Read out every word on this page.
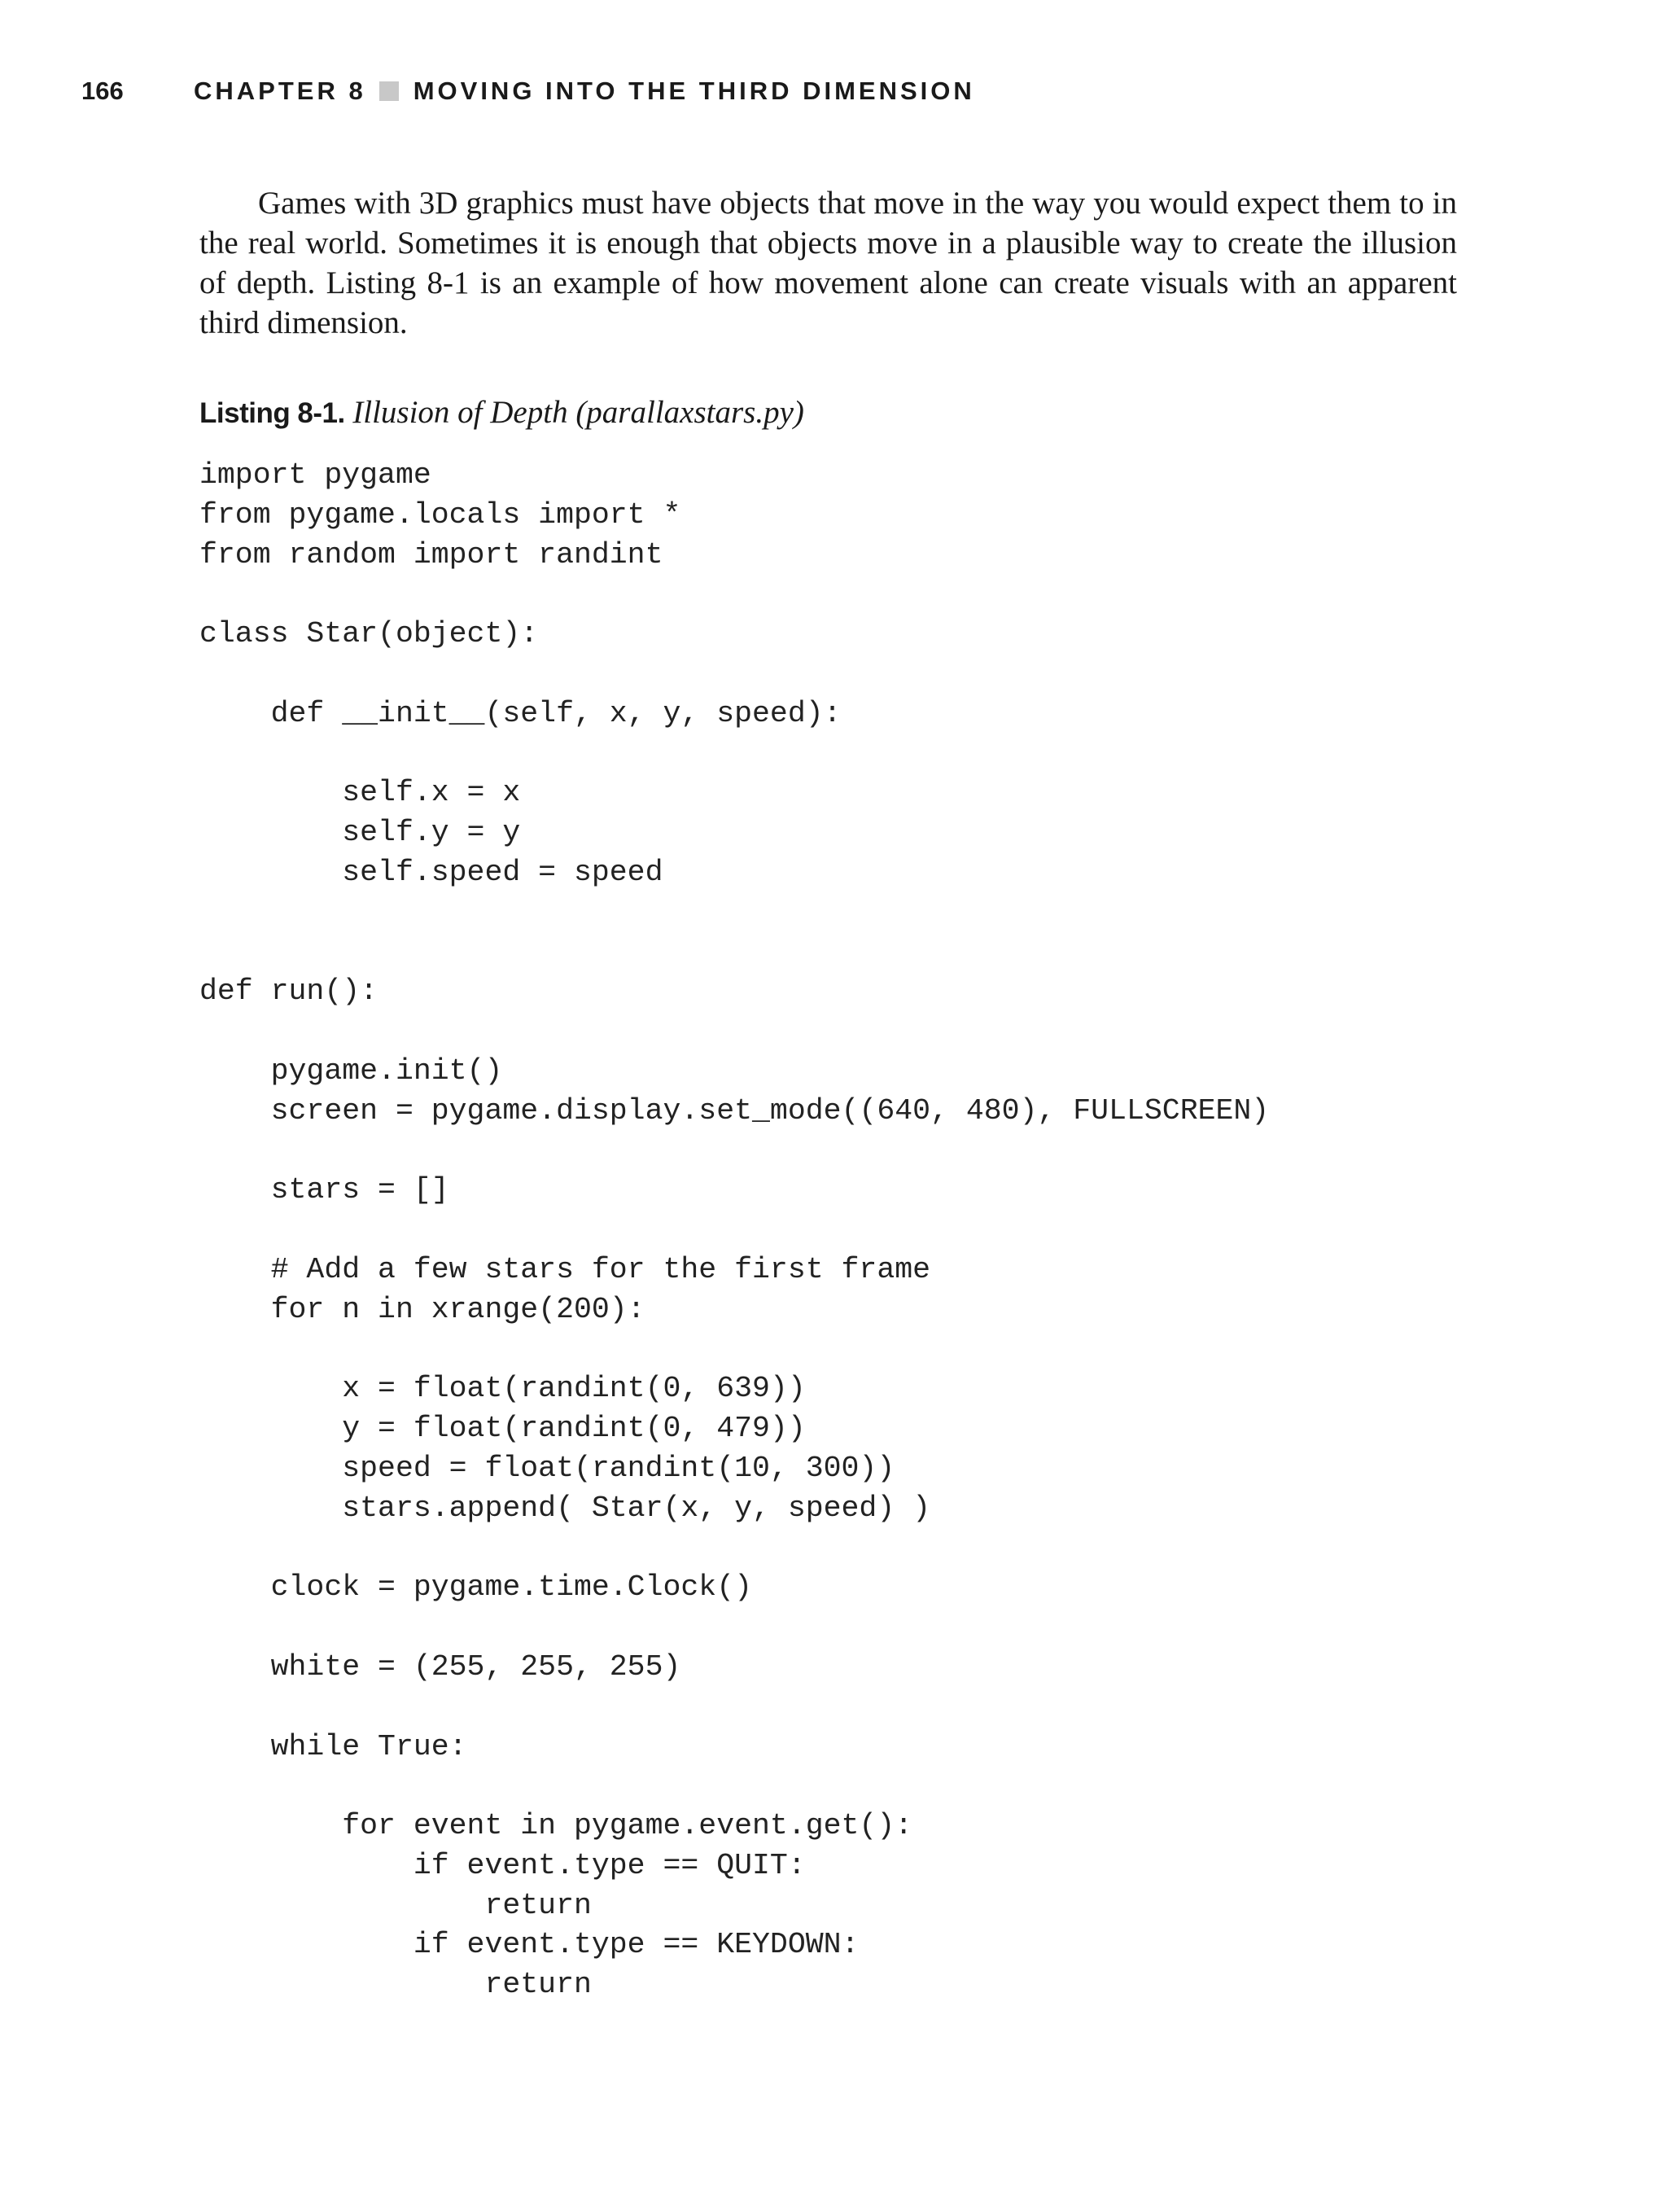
166	CHAPTER 8 MOVING INTO THE THIRD DIMENSION

Games with 3D graphics must have objects that move in the way you would expect them to in the real world. Sometimes it is enough that objects move in a plausible way to create the illusion of depth. Listing 8-1 is an example of how movement alone can create visuals with an apparent third dimension.

Listing 8-1. Illusion of Depth (parallaxstars.py)
import pygame
from pygame.locals import *
from random import randint
class Star(object):
def __init__(self, x, y, speed):
self.x = x
self.y = y
self.speed = speed
def run():
pygame.init()
screen = pygame.display.set_mode((640, 480), FULLSCREEN)
stars = []
# Add a few stars for the first frame
for n in xrange(200):
x = float(randint(0, 639))
y = float(randint(0, 479))
speed = float(randint(10, 300))
stars.append( Star(x, y, speed) )
clock = pygame.time.Clock()
white = (255, 255, 255)
while True:
for event in pygame.event.get():
if event.type == QUIT:
return
if event.type == KEYDOWN:
return
